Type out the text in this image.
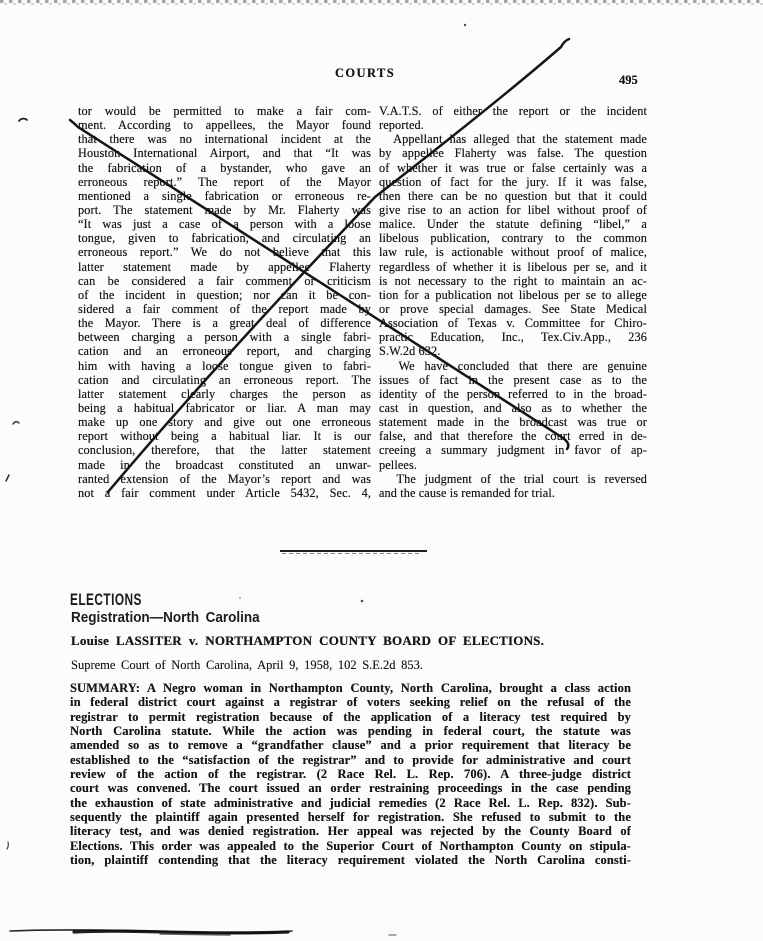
COURTS	495
tor would be permitted to make a fair com-
ment. According to appellees, the Mayor found
that there was no international incident at the
Houston International Airport, and that “It was
the fabrication of a bystander, who gave an
erroneous report.” The report of the Mayor
mentioned a single fabrication or erroneous re-
port. The statement made by Mr. Flaherty was
“It was just a case of a person with a loose
tongue, given to fabrication, and circulating an
erroneous report.” We do not believe that this
latter statement made by appellee Flaherty
can be considered a fair comment or criticism
of the incident in question; nor can it be con-
sidered a fair comment of the report made by
the Mayor. There is a great deal of difference
between charging a person with a single fabri-
cation and an erroneous report, and charging
him with having a loose tongue given to fabri-
cation and circulating an erroneous report. The
latter statement clearly charges the person as
being a habitual fabricator or liar. A man may
make up one story and give out one erroneous
report without being a habitual liar. It is our
conclusion, therefore, that the latter statement
made in the broadcast constituted an unwar-
ranted extension of the Mayor’s report and was
not a fair comment under Article 5432, Sec. 4,
V.A.T.S. of either the report or the incident
reported.
Appellant has alleged that the statement made
by appellee Flaherty was false. The question
of whether it was true or false certainly was a
question of fact for the jury. If it was false,
then there can be no question but that it could
give rise to an action for libel without proof of
malice. Under the statute defining “libel,” a
libelous publication, contrary to the common
law rule, is actionable without proof of malice,
regardless of whether it is libelous per se, and it
is not necessary to the right to maintain an ac-
tion for a publication not libelous per se to allege
or prove special damages. See State Medical
Association of Texas v. Committee for Chiro-
practic Education, Inc., Tex.Civ.App., 236
S.W.2d 632.
We have concluded that there are genuine
issues of fact in the present case as to the
identity of the person referred to in the broad-
cast in question, and also as to whether the
statement made in the broadcast was true or
false, and that therefore the court erred in de-
creeing a summary judgment in favor of ap-
pellees.
The judgment of the trial court is reversed
and the cause is remanded for trial.
ELECTIONS
Registration—North Carolina
Louise LASSITER v. NORTHAMPTON COUNTY BOARD OF ELECTIONS.
Supreme Court of North Carolina, April 9, 1958, 102 S.E.2d 853.
SUMMARY: A Negro woman in Northampton County, North Carolina, brought a class action
in federal district court against a registrar of voters seeking relief on the refusal of the
registrar to permit registration because of the application of a literacy test required by
North Carolina statute. While the action was pending in federal court, the statute was
amended so as to remove a “grandfather clause” and a prior requirement that literacy be
established to the “satisfaction of the registrar” and to provide for administrative and court
review of the action of the registrar. (2 Race Rel. L. Rep. 706). A three-judge district
court was convened. The court issued an order restraining proceedings in the case pending
the exhaustion of state administrative and judicial remedies (2 Race Rel. L. Rep. 832). Sub-
sequently the plaintiff again presented herself for registration. She refused to submit to the
literacy test, and was denied registration. Her appeal was rejected by the County Board of
Elections. This order was appealed to the Superior Court of Northampton County on stipula-
tion, plaintiff contending that the literacy requirement violated the North Carolina consti-
